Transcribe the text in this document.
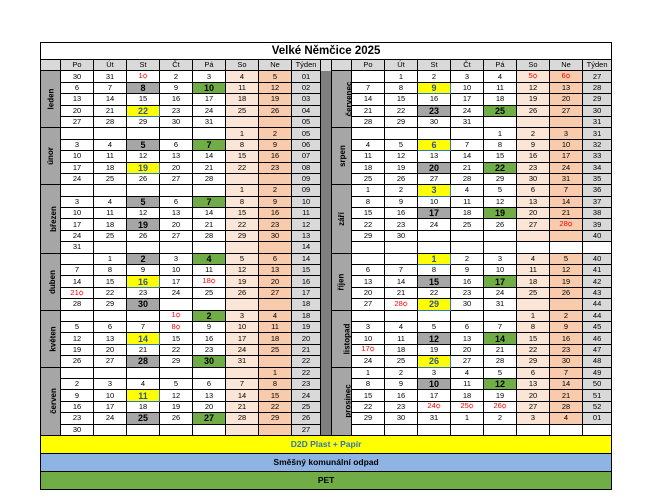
Velké Němčice 2025																		
	Po	Út	St	Čt	Pá	So	Ne	Týden			Po	Út	St	Čt	Pá	So	Ne	Týden
leden	30	31	1⛭	2	3	4	5	01		červenec		1	2	3	4	5⛭	6⛭	27
	6	7	8	9	10	11	12	02			7	8	9	10	11	12	13	28
	13	14	15	16	17	18	19	03			14	15	16	17	18	19	20	29
	20	21	22	23	24	25	26	04			21	22	23	24	25	26	27	30
	27	28	29	30	31			05			28	29	30	31				31
únor						1	2	05		srpen					1	2	3	31
	3	4	5	6	7	8	9	06			4	5	6	7	8	9	10	32
	10	11	12	13	14	15	16	07			11	12	13	14	15	16	17	33
	17	18	19	20	21	22	23	08			18	19	20	21	22	23	24	34
	24	25	26	27	28			09			25	26	27	28	29	30	31	35
březen						1	2	09		září	1	2	3	4	5	6	7	36
	3	4	5	6	7	8	9	10			8	9	10	11	12	13	14	37
	10	11	12	13	14	15	16	11			15	16	17	18	19	20	21	38
	17	18	19	20	21	22	23	12			22	23	24	25	26	27	28⛭	39
	24	25	26	27	28	29	30	13			29	30						40
	31							14										
duben		1	2	3	4	5	6	14		říjen			1	2	3	4	5	40
	7	8	9	10	11	12	13	15			6	7	8	9	10	11	12	41
	14	15	16	17	18⛭	19	20	16			13	14	15	16	17	18	19	42
	21⛭	22	23	24	25	26	27	17			20	21	22	23	24	25	26	43
	28	29	30					18			27	28⛭	29	30	31			44
květen				1⛭	2	3	4	18		listopad						1	2	44
	5	6	7	8⛭	9	10	11	19			3	4	5	6	7	8	9	45
	12	13	14	15	16	17	18	20			10	11	12	13	14	15	16	46
	19	20	21	22	23	24	25	21			17⛭	18	19	20	21	22	23	47
	26	27	28	29	30	31		22			24	25	26	27	28	29	30	48
červen							1	22		prosinec	1	2	3	4	5	6	7	49
	2	3	4	5	6	7	8	23			8	9	10	11	12	13	14	50
	9	10	11	12	13	14	15	24			15	16	17	18	19	20	21	51
	16	17	18	19	20	21	22	25			22	23	24⛭	25⛭	26⛭	27	28	52
	23	24	25	26	27	28	29	26			29	30	31	1	2	3	4	01
	30							27										
D2D Plast + Papír																		
Směšný komunální odpad																		
PET																		
